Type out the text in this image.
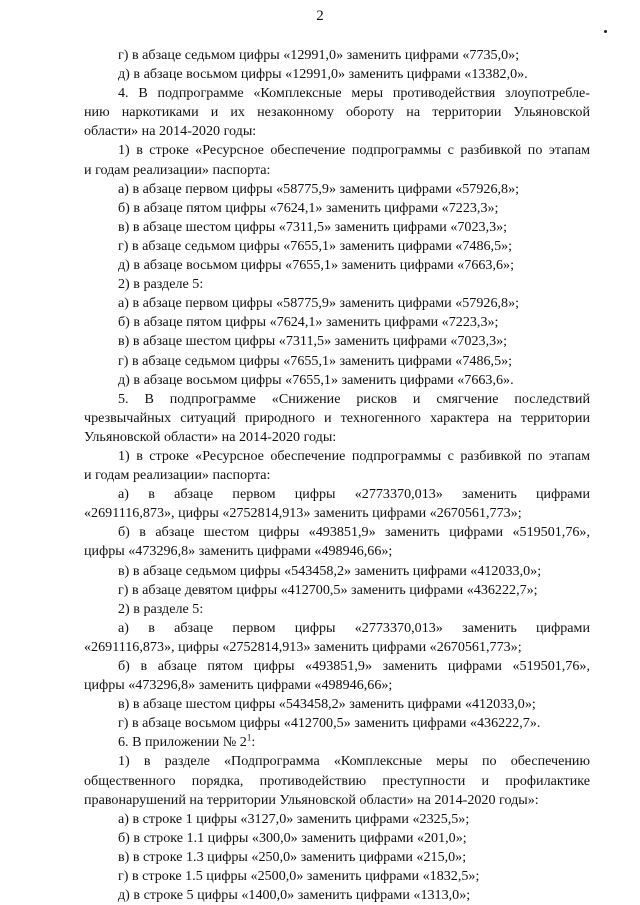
2
г) в абзаце седьмом цифры «12991,0» заменить цифрами «7735,0»;
д) в абзаце восьмом цифры «12991,0» заменить цифрами «13382,0».
4. В подпрограмме «Комплексные меры противодействия злоупотребле-
нию наркотиками и их незаконному обороту на территории Ульяновской
области» на 2014-2020 годы:
1) в строке «Ресурсное обеспечение подпрограммы с разбивкой по этапам
и годам реализации» паспорта:
а) в абзаце первом цифры «58775,9» заменить цифрами «57926,8»;
б) в абзаце пятом цифры «7624,1» заменить цифрами «7223,3»;
в) в абзаце шестом цифры «7311,5» заменить цифрами «7023,3»;
г) в абзаце седьмом цифры «7655,1» заменить цифрами «7486,5»;
д) в абзаце восьмом цифры «7655,1» заменить цифрами «7663,6»;
2) в разделе 5:
а) в абзаце первом цифры «58775,9» заменить цифрами «57926,8»;
б) в абзаце пятом цифры «7624,1» заменить цифрами «7223,3»;
в) в абзаце шестом цифры «7311,5» заменить цифрами «7023,3»;
г) в абзаце седьмом цифры «7655,1» заменить цифрами «7486,5»;
д) в абзаце восьмом цифры «7655,1» заменить цифрами «7663,6».
5. В подпрограмме «Снижение рисков и смягчение последствий
чрезвычайных ситуаций природного и техногенного характера на территории
Ульяновской области» на 2014-2020 годы:
1) в строке «Ресурсное обеспечение подпрограммы с разбивкой по этапам
и годам реализации» паспорта:
а) в абзаце первом цифры «2773370,013» заменить цифрами
«2691116,873», цифры «2752814,913» заменить цифрами «2670561,773»;
б) в абзаце шестом цифры «493851,9» заменить цифрами «519501,76»,
цифры «473296,8» заменить цифрами «498946,66»;
в) в абзаце седьмом цифры «543458,2» заменить цифрами «412033,0»;
г) в абзаце девятом цифры «412700,5» заменить цифрами «436222,7»;
2) в разделе 5:
а) в абзаце первом цифры «2773370,013» заменить цифрами
«2691116,873», цифры «2752814,913» заменить цифрами «2670561,773»;
б) в абзаце пятом цифры «493851,9» заменить цифрами «519501,76»,
цифры «473296,8» заменить цифрами «498946,66»;
в) в абзаце шестом цифры «543458,2» заменить цифрами «412033,0»;
г) в абзаце восьмом цифры «412700,5» заменить цифрами «436222,7».
6. В приложении № $2^1$:
1) в разделе «Подпрограмма «Комплексные меры по обеспечению
общественного порядка, противодействию преступности и профилактике
правонарушений на территории Ульяновской области» на 2014-2020 годы»:
а) в строке 1 цифры «3127,0» заменить цифрами «2325,5»;
б) в строке 1.1 цифры «300,0» заменить цифрами «201,0»;
в) в строке 1.3 цифры «250,0» заменить цифрами «215,0»;
г) в строке 1.5 цифры «2500,0» заменить цифрами «1832,5»;
д) в строке 5 цифры «1400,0» заменить цифрами «1313,0»;
